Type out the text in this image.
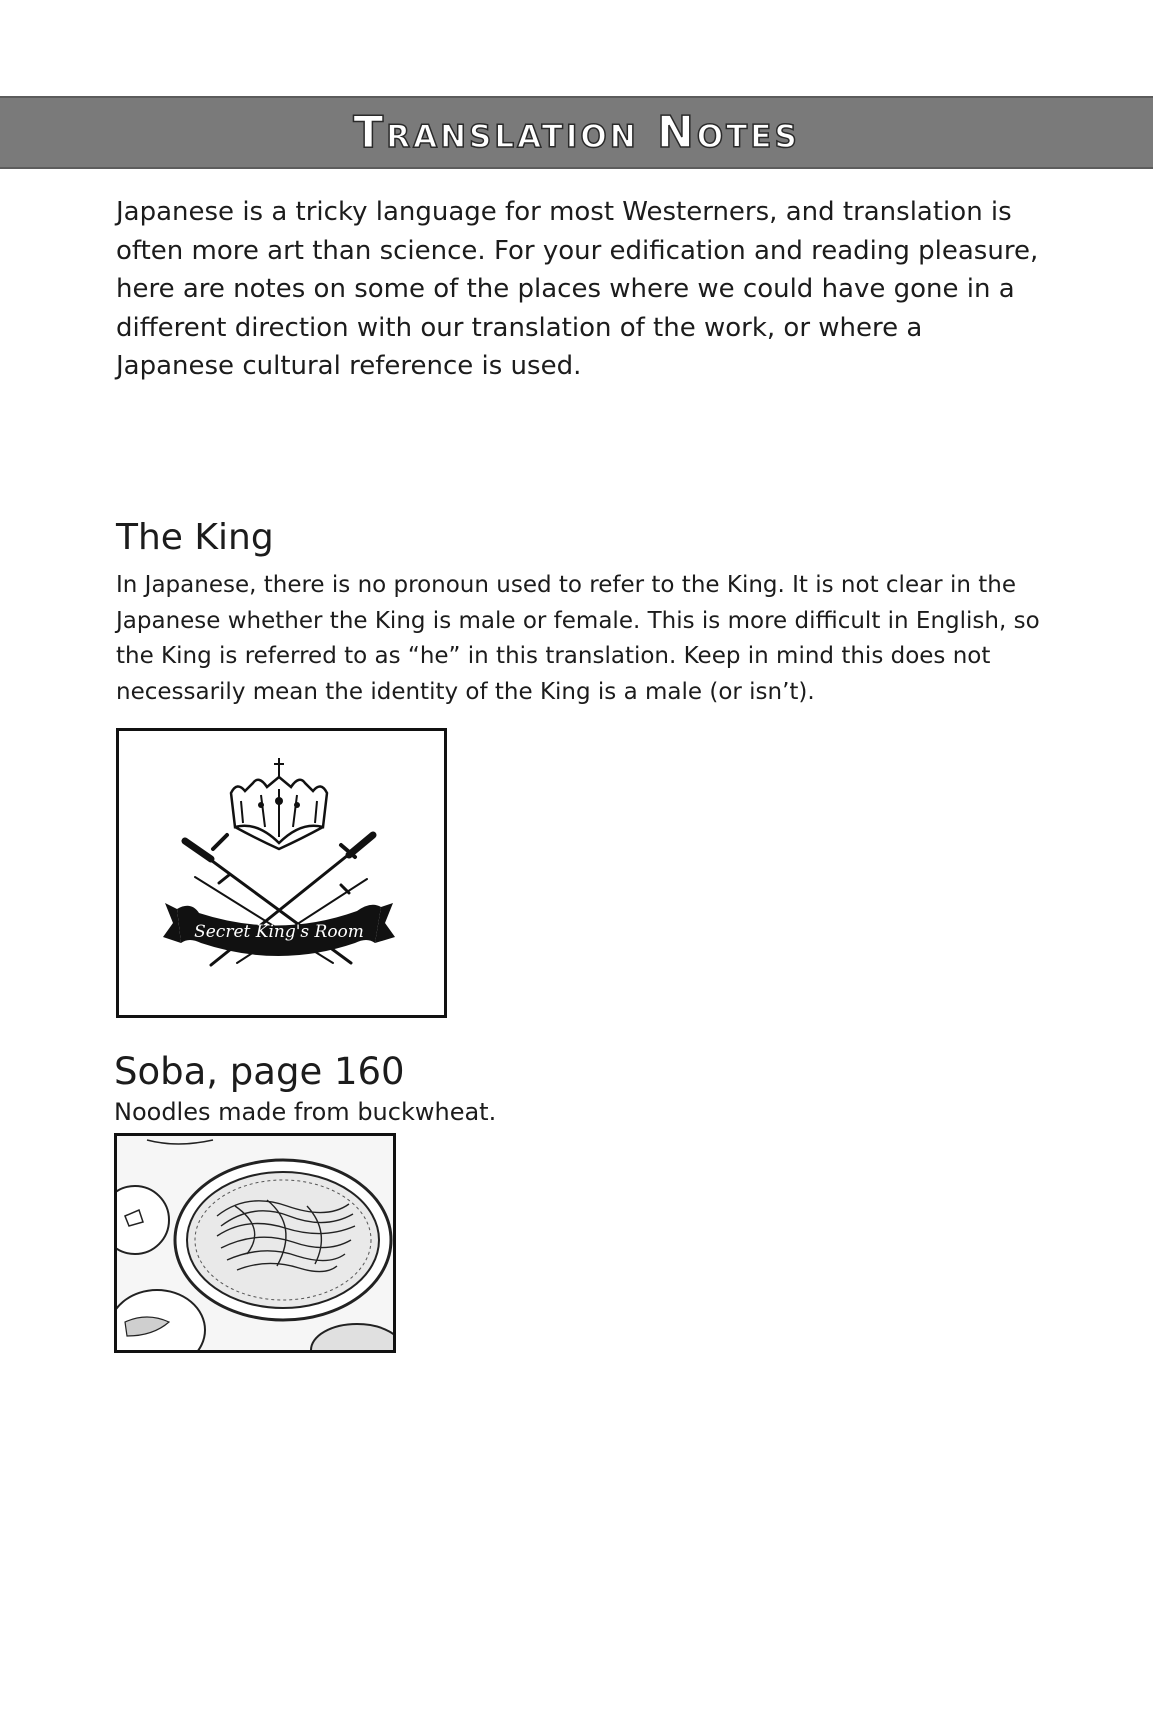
Translation Notes

Japanese is a tricky language for most Westerners, and translation is often more art than science. For your edification and reading pleasure, here are notes on some of the places where we could have gone in a different direction with our translation of the work, or where a Japanese cultural reference is used.

The King

In Japanese, there is no pronoun used to refer to the King. It is not clear in the Japanese whether the King is male or female. This is more difficult in English, so the King is referred to as “he” in this translation. Keep in mind this does not necessarily mean the identity of the King is a male (or isn’t).

Secret King's Room
Soba, page 160

Noodles made from buckwheat.
